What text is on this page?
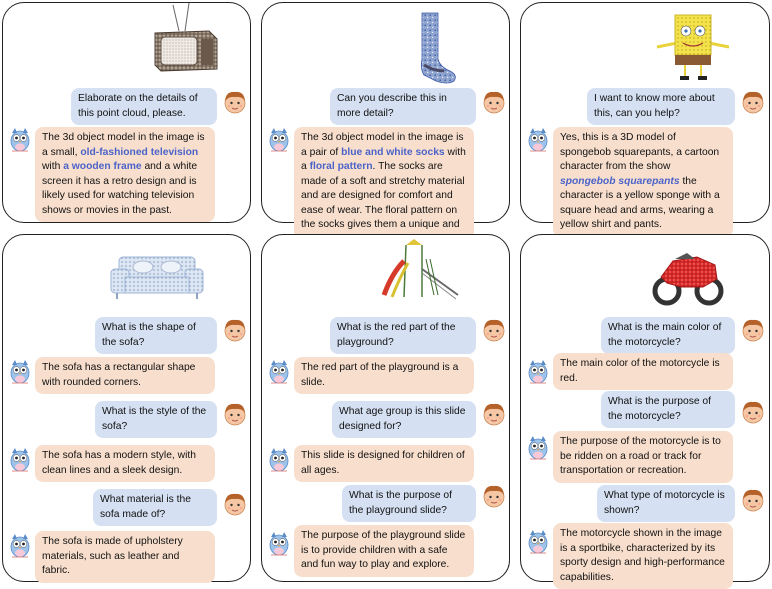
Elaborate on the details of this point cloud, please.
The 3d object model in the image is a small, old-fashioned television with a wooden frame and a white screen it has a retro design and is likely used for watching television shows or movies in the past.
Can you describe this in more detail?
The 3d object model in the image is a pair of blue and white socks with a floral pattern. The socks are made of a soft and stretchy material and are designed for comfort and ease of wear. The floral pattern on the socks gives them a unique and
I want to know more about this, can you help?
Yes, this is a 3D model of spongebob squarepants, a cartoon character from the show spongebob squarepants the character is a yellow sponge with a square head and arms, wearing a yellow shirt and pants.
What is the shape of the sofa?
The sofa has a rectangular shape with rounded corners.
What is the style of the sofa?
The sofa has a modern style, with clean lines and a sleek design.
What material is the sofa made of?
The sofa is made of upholstery materials, such as leather and fabric.
What is the red part of the playground?
The red part of the playground is a slide.
What age group is this slide designed for?
This slide is designed for children of all ages.
What is the purpose of the playground slide?
The purpose of the playground slide is to provide children with a safe and fun way to play and explore.
What is the main color of the motorcycle?
The main color of the motorcycle is red.
What is the purpose of the motorcycle?
The purpose of the motorcycle is to be ridden on a road or track for transportation or recreation.
What type of motorcycle is shown?
The motorcycle shown in the image is a sportbike, characterized by its sporty design and high-performance capabilities.
